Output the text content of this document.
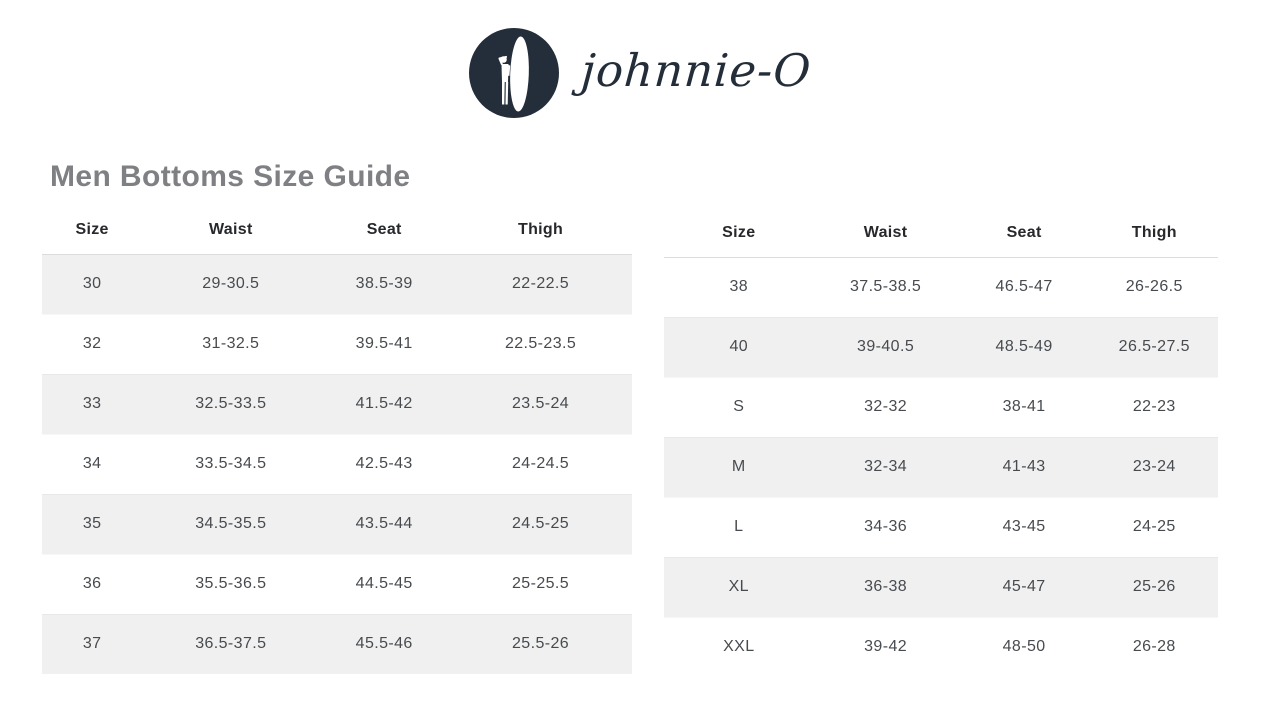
johnnie-O
Men Bottoms Size Guide
Size	Waist	Seat	Thigh
30	29-30.5	38.5-39	22-22.5
32	31-32.5	39.5-41	22.5-23.5
33	32.5-33.5	41.5-42	23.5-24
34	33.5-34.5	42.5-43	24-24.5
35	34.5-35.5	43.5-44	24.5-25
36	35.5-36.5	44.5-45	25-25.5
37	36.5-37.5	45.5-46	25.5-26
Size	Waist	Seat	Thigh
38	37.5-38.5	46.5-47	26-26.5
40	39-40.5	48.5-49	26.5-27.5
S	32-32	38-41	22-23
M	32-34	41-43	23-24
L	34-36	43-45	24-25
XL	36-38	45-47	25-26
XXL	39-42	48-50	26-28
